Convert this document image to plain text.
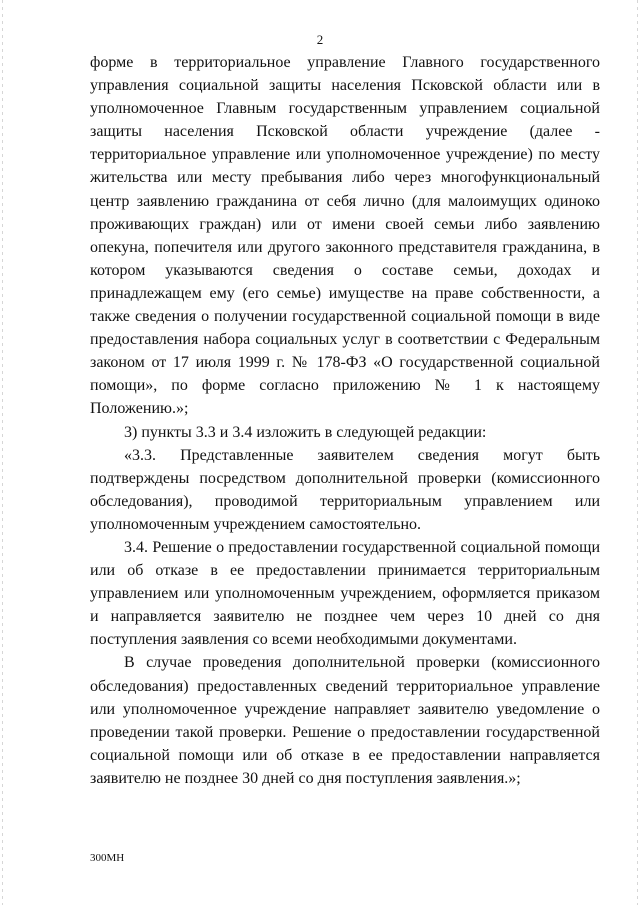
2

форме в территориальное управление Главного государственного управления социальной защиты населения Псковской области или в уполномоченное Главным государственным управлением социальной защиты населения Псковской области учреждение (далее - территориальное управление или уполномоченное учреждение) по месту жительства или месту пребывания либо через многофункциональный центр заявлению гражданина от себя лично (для малоимущих одиноко проживающих граждан) или от имени своей семьи либо заявлению опекуна, попечителя или другого законного представителя гражданина, в котором указываются сведения о составе семьи, доходах и принадлежащем ему (его семье) имуществе на праве собственности, а также сведения о получении государственной социальной помощи в виде предоставления набора социальных услуг в соответствии с Федеральным законом от 17 июля 1999 г. № 178-ФЗ «О государственной социальной помощи», по форме согласно приложению № 1 к настоящему Положению.»;

3) пункты 3.3 и 3.4 изложить в следующей редакции:

«3.3. Представленные заявителем сведения могут быть подтверждены посредством дополнительной проверки (комиссионного обследования), проводимой территориальным управлением или уполномоченным учреждением самостоятельно.

3.4. Решение о предоставлении государственной социальной помощи или об отказе в ее предоставлении принимается территориальным управлением или уполномоченным учреждением, оформляется приказом и направляется заявителю не позднее чем через 10 дней со дня поступления заявления со всеми необходимыми документами.

В случае проведения дополнительной проверки (комиссионного обследования) предоставленных сведений территориальное управление или уполномоченное учреждение направляет заявителю уведомление о проведении такой проверки. Решение о предоставлении государственной социальной помощи или об отказе в ее предоставлении направляется заявителю не позднее 30 дней со дня поступления заявления.»;

300МН
